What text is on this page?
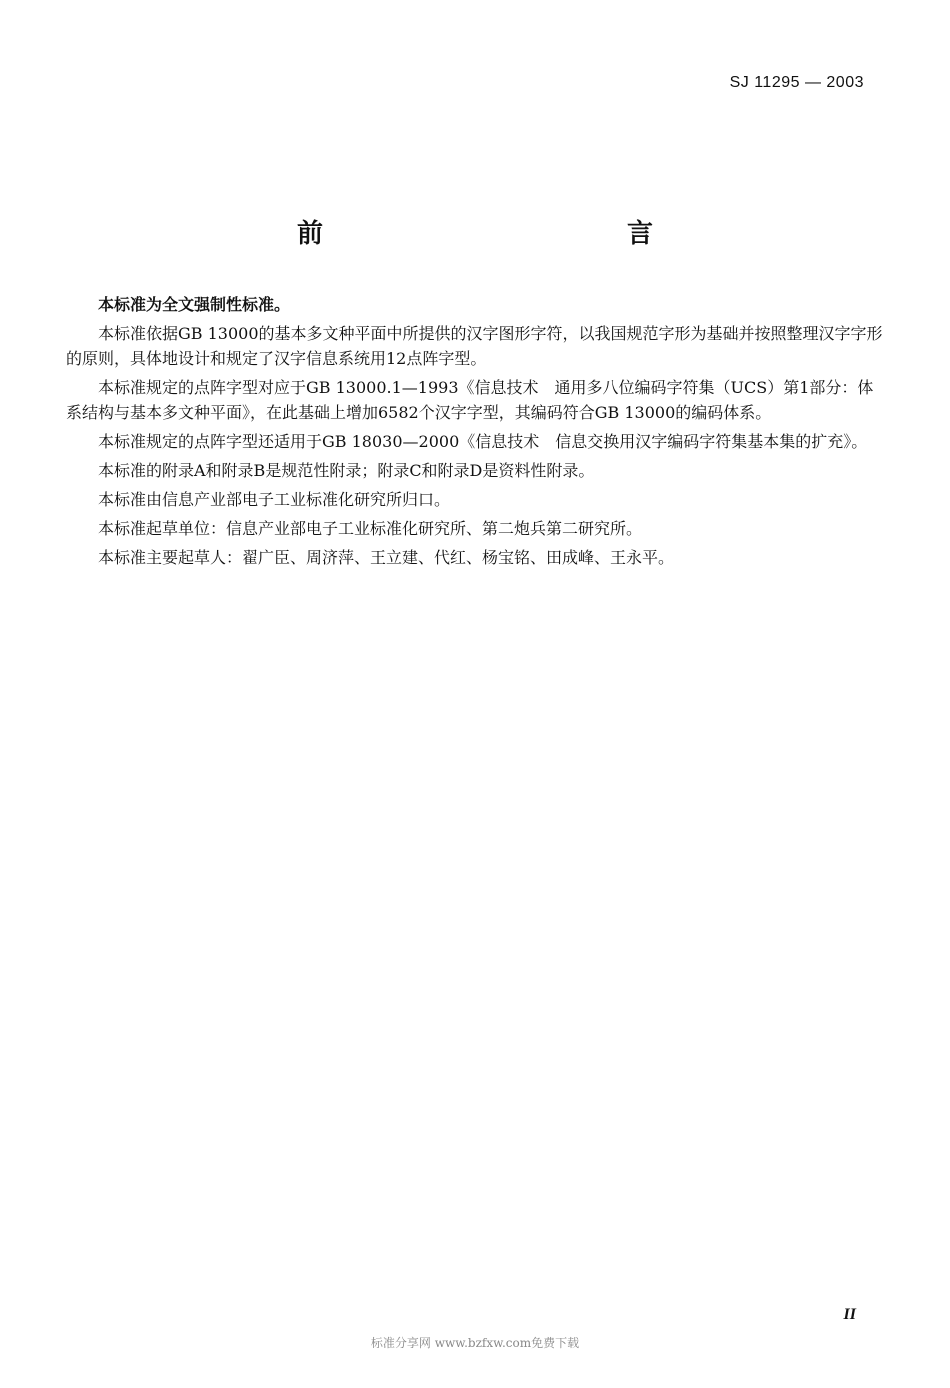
SJ 11295 — 2003
前　　言

本标准为全文强制性标准。

本标准依据GB 13000的基本多文种平面中所提供的汉字图形字符，以我国规范字形为基础并按照整理汉字字形的原则，具体地设计和规定了汉字信息系统用12点阵字型。

本标准规定的点阵字型对应于GB 13000.1—1993《信息技术　通用多八位编码字符集（UCS）第1部分：体系结构与基本多文种平面》，在此基础上增加6582个汉字字型，其编码符合GB 13000的编码体系。

本标准规定的点阵字型还适用于GB 18030—2000《信息技术　信息交换用汉字编码字符集基本集的扩充》。

本标准的附录A和附录B是规范性附录；附录C和附录D是资料性附录。

本标准由信息产业部电子工业标准化研究所归口。

本标准起草单位：信息产业部电子工业标准化研究所、第二炮兵第二研究所。

本标准主要起草人：翟广臣、周济萍、王立建、代红、杨宝铭、田成峰、王永平。

II
标准分享网 www.bzfxw.com免费下载
